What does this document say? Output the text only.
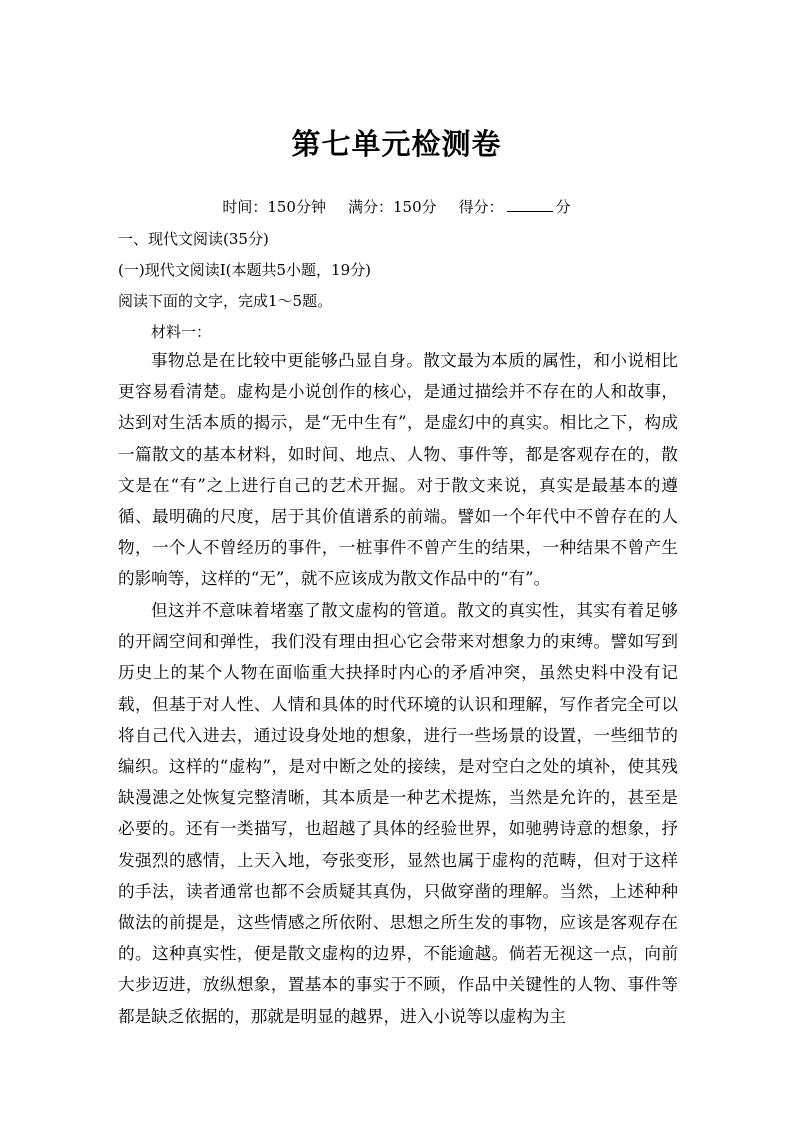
第七单元检测卷
时间：150分钟 满分：150分 得分：	分
一、现代文阅读(35分)
(一)现代文阅读Ⅰ(本题共5小题，19分)
阅读下面的文字，完成1～5题。
材料一：
事物总是在比较中更能够凸显自身。散文最为本质的属性，和小说相比更容易看清楚。虚构是小说创作的核心，是通过描绘并不存在的人和故事，达到对生活本质的揭示，是“无中生有”，是虚幻中的真实。相比之下，构成一篇散文的基本材料，如时间、地点、人物、事件等，都是客观存在的，散文是在“有”之上进行自己的艺术开掘。对于散文来说，真实是最基本的遵循、最明确的尺度，居于其价值谱系的前端。譬如一个年代中不曾存在的人物，一个人不曾经历的事件，一桩事件不曾产生的结果，一种结果不曾产生的影响等，这样的“无”，就不应该成为散文作品中的“有”。
但这并不意味着堵塞了散文虚构的管道。散文的真实性，其实有着足够的开阔空间和弹性，我们没有理由担心它会带来对想象力的束缚。譬如写到历史上的某个人物在面临重大抉择时内心的矛盾冲突，虽然史料中没有记载，但基于对人性、人情和具体的时代环境的认识和理解，写作者完全可以将自己代入进去，通过设身处地的想象，进行一些场景的设置，一些细节的编织。这样的“虚构”，是对中断之处的接续，是对空白之处的填补，使其残缺漫漶之处恢复完整清晰，其本质是一种艺术提炼，当然是允许的，甚至是必要的。还有一类描写，也超越了具体的经验世界，如驰骋诗意的想象，抒发强烈的感情，上天入地，夸张变形，显然也属于虚构的范畴，但对于这样的手法，读者通常也都不会质疑其真伪，只做穿凿的理解。当然，上述种种做法的前提是，这些情感之所依附、思想之所生发的事物，应该是客观存在的。这种真实性，便是散文虚构的边界，不能逾越。倘若无视这一点，向前大步迈进，放纵想象，置基本的事实于不顾，作品中关键性的人物、事件等都是缺乏依据的，那就是明显的越界，进入小说等以虚构为主
